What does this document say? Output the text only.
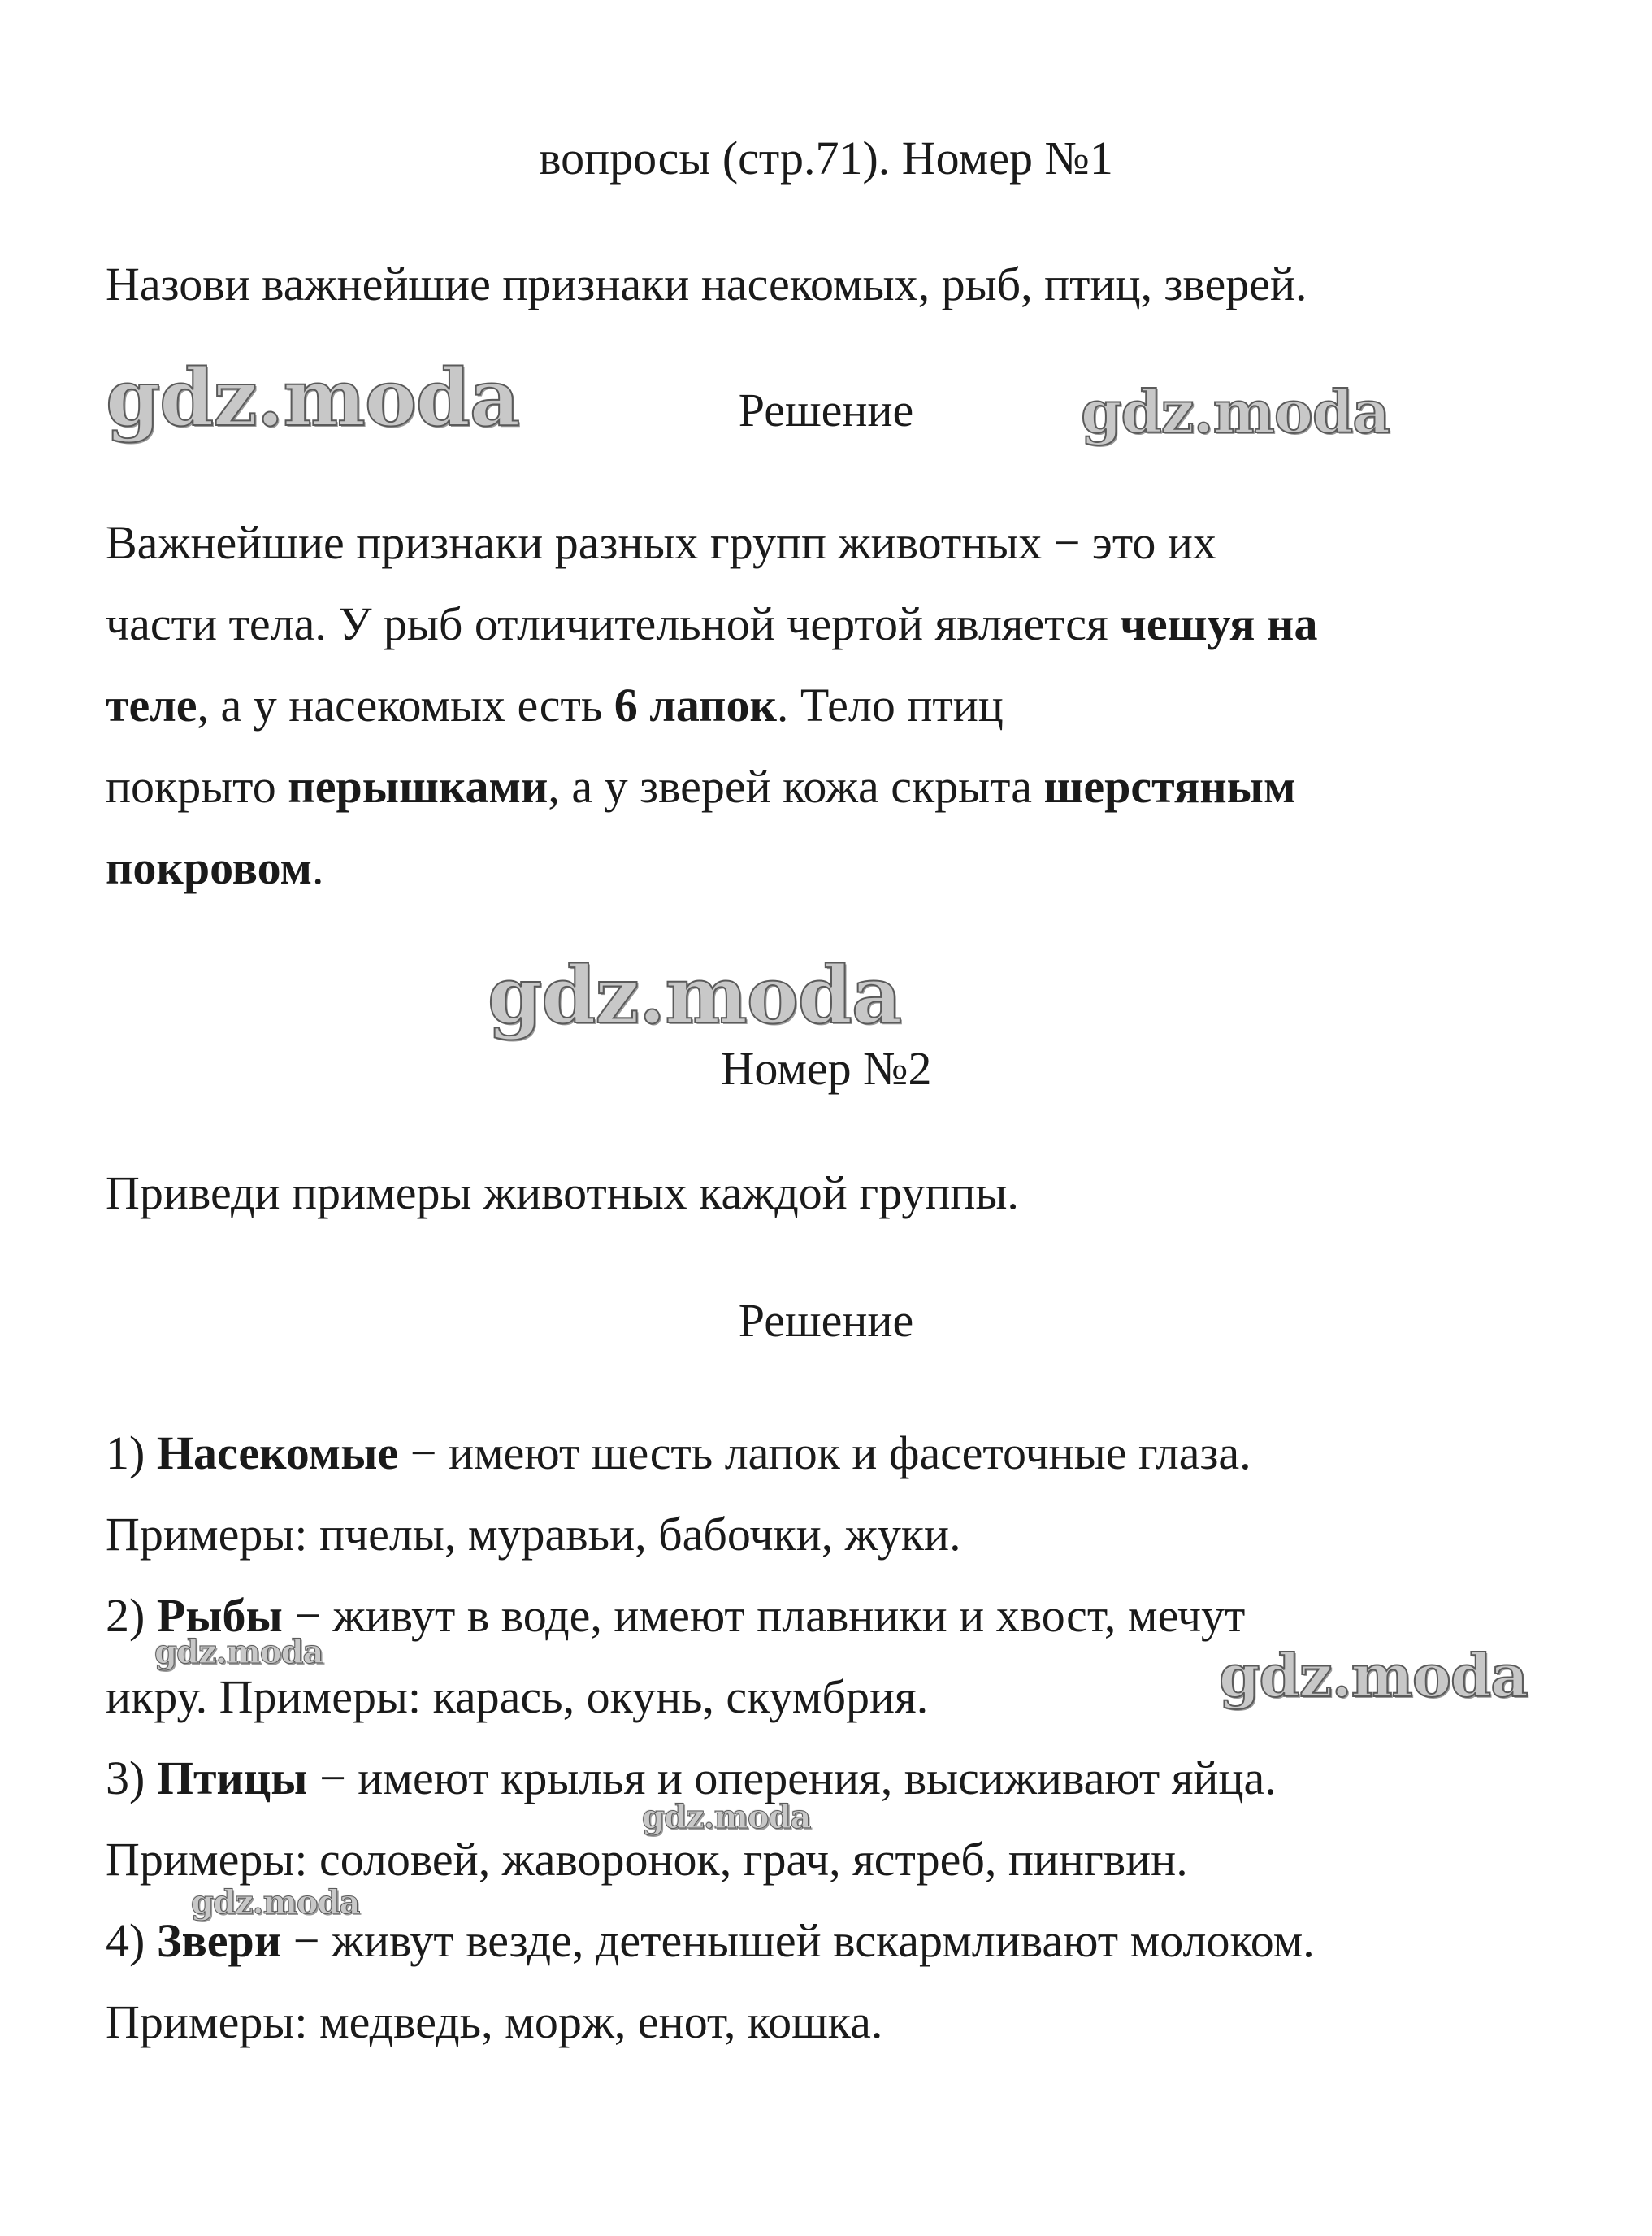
вопросы (стр.71). Номер №1
Назови важнейшие признаки насекомых, рыб, птиц, зверей.
gdz.moda	Решение	gdz.moda
Важнейшие признаки разных групп животных − это их
части тела. У рыб отличительной чертой является чешуя на
теле, а у насекомых есть 6 лапок. Тело птиц
покрыто перышками, а у зверей кожа скрыта шерстяным
покровом.
gdz.moda
Номер №2
Приведи примеры животных каждой группы.
Решение
1) Насекомые − имеют шесть лапок и фасеточные глаза.
Примеры: пчелы, муравьи, бабочки, жуки.
2) Рыбы − живут в воде, имеют плавники и хвост, мечут
gdz.moda
икру. Примеры: карась, окунь, скумбрия.	gdz.moda
3) Птицы − имеют крылья и оперения, высиживают яйца.
gdz.moda
Примеры: соловей, жаворонок, грач, ястреб, пингвин.
gdz.moda
4) Звери − живут везде, детенышей вскармливают молоком.
Примеры: медведь, морж, енот, кошка.
